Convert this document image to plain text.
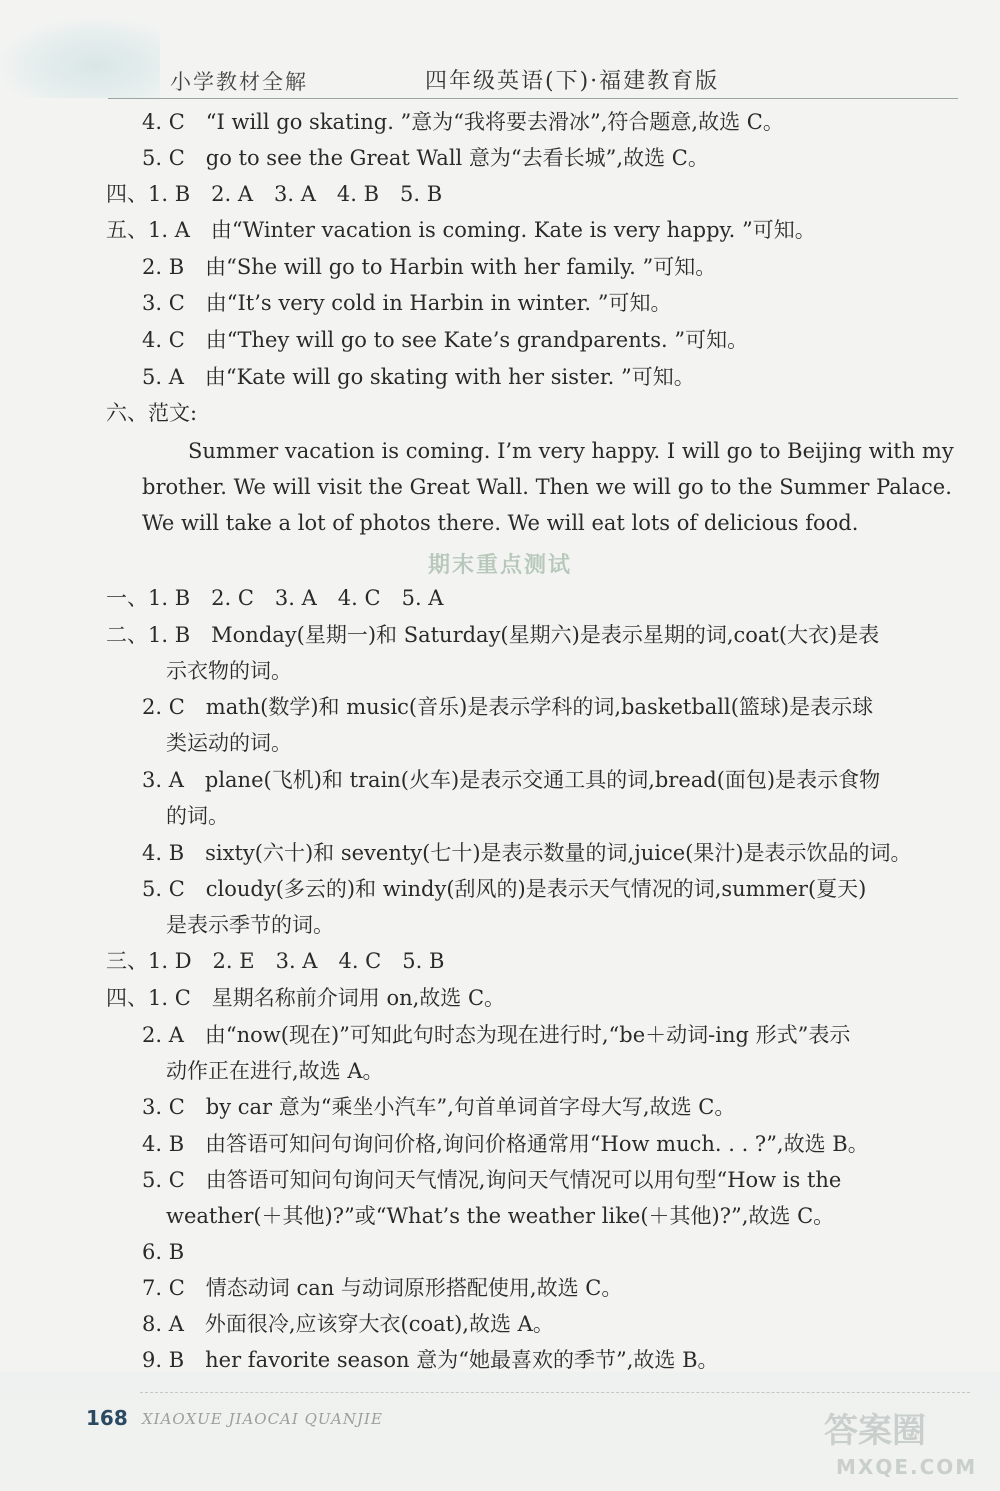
小学教材全解	四年级英语(下)·福建教育版
4. C　“I will go skating. ”意为“我将要去滑冰”,符合题意,故选 C。
5. C　go to see the Great Wall 意为“去看长城”,故选 C。
四、1. B　2. A　3. A　4. B　5. B
五、1. A　由“Winter vacation is coming. Kate is very happy. ”可知。
2. B　由“She will go to Harbin with her family. ”可知。
3. C　由“It’s very cold in Harbin in winter. ”可知。
4. C　由“They will go to see Kate’s grandparents. ”可知。
5. A　由“Kate will go skating with her sister. ”可知。
六、范文:
Summer vacation is coming. I’m very happy. I will go to Beijing with my
brother. We will visit the Great Wall. Then we will go to the Summer Palace.
We will take a lot of photos there. We will eat lots of delicious food.
期末重点测试
一、1. B　2. C　3. A　4. C　5. A
二、1. B　Monday(星期一)和 Saturday(星期六)是表示星期的词,coat(大衣)是表
示衣物的词。
2. C　math(数学)和 music(音乐)是表示学科的词,basketball(篮球)是表示球
类运动的词。
3. A　plane(飞机)和 train(火车)是表示交通工具的词,bread(面包)是表示食物
的词。
4. B　sixty(六十)和 seventy(七十)是表示数量的词,juice(果汁)是表示饮品的词。
5. C　cloudy(多云的)和 windy(刮风的)是表示天气情况的词,summer(夏天)
是表示季节的词。
三、1. D　2. E　3. A　4. C　5. B
四、1. C　星期名称前介词用 on,故选 C。
2. A　由“now(现在)”可知此句时态为现在进行时,“be＋动词-ing 形式”表示
动作正在进行,故选 A。
3. C　by car 意为“乘坐小汽车”,句首单词首字母大写,故选 C。
4. B　由答语可知问句询问价格,询问价格通常用“How much. . . ?”,故选 B。
5. C　由答语可知问句询问天气情况,询问天气情况可以用句型“How is the
weather(＋其他)?”或“What’s the weather like(＋其他)?”,故选 C。
6. B
7. C　情态动词 can 与动词原形搭配使用,故选 C。
8. A　外面很冷,应该穿大衣(coat),故选 A。
9. B　her favorite season 意为“她最喜欢的季节”,故选 B。
168 XIAOXUE JIAOCAI QUANJIE	答案圈
MXQE.COM
